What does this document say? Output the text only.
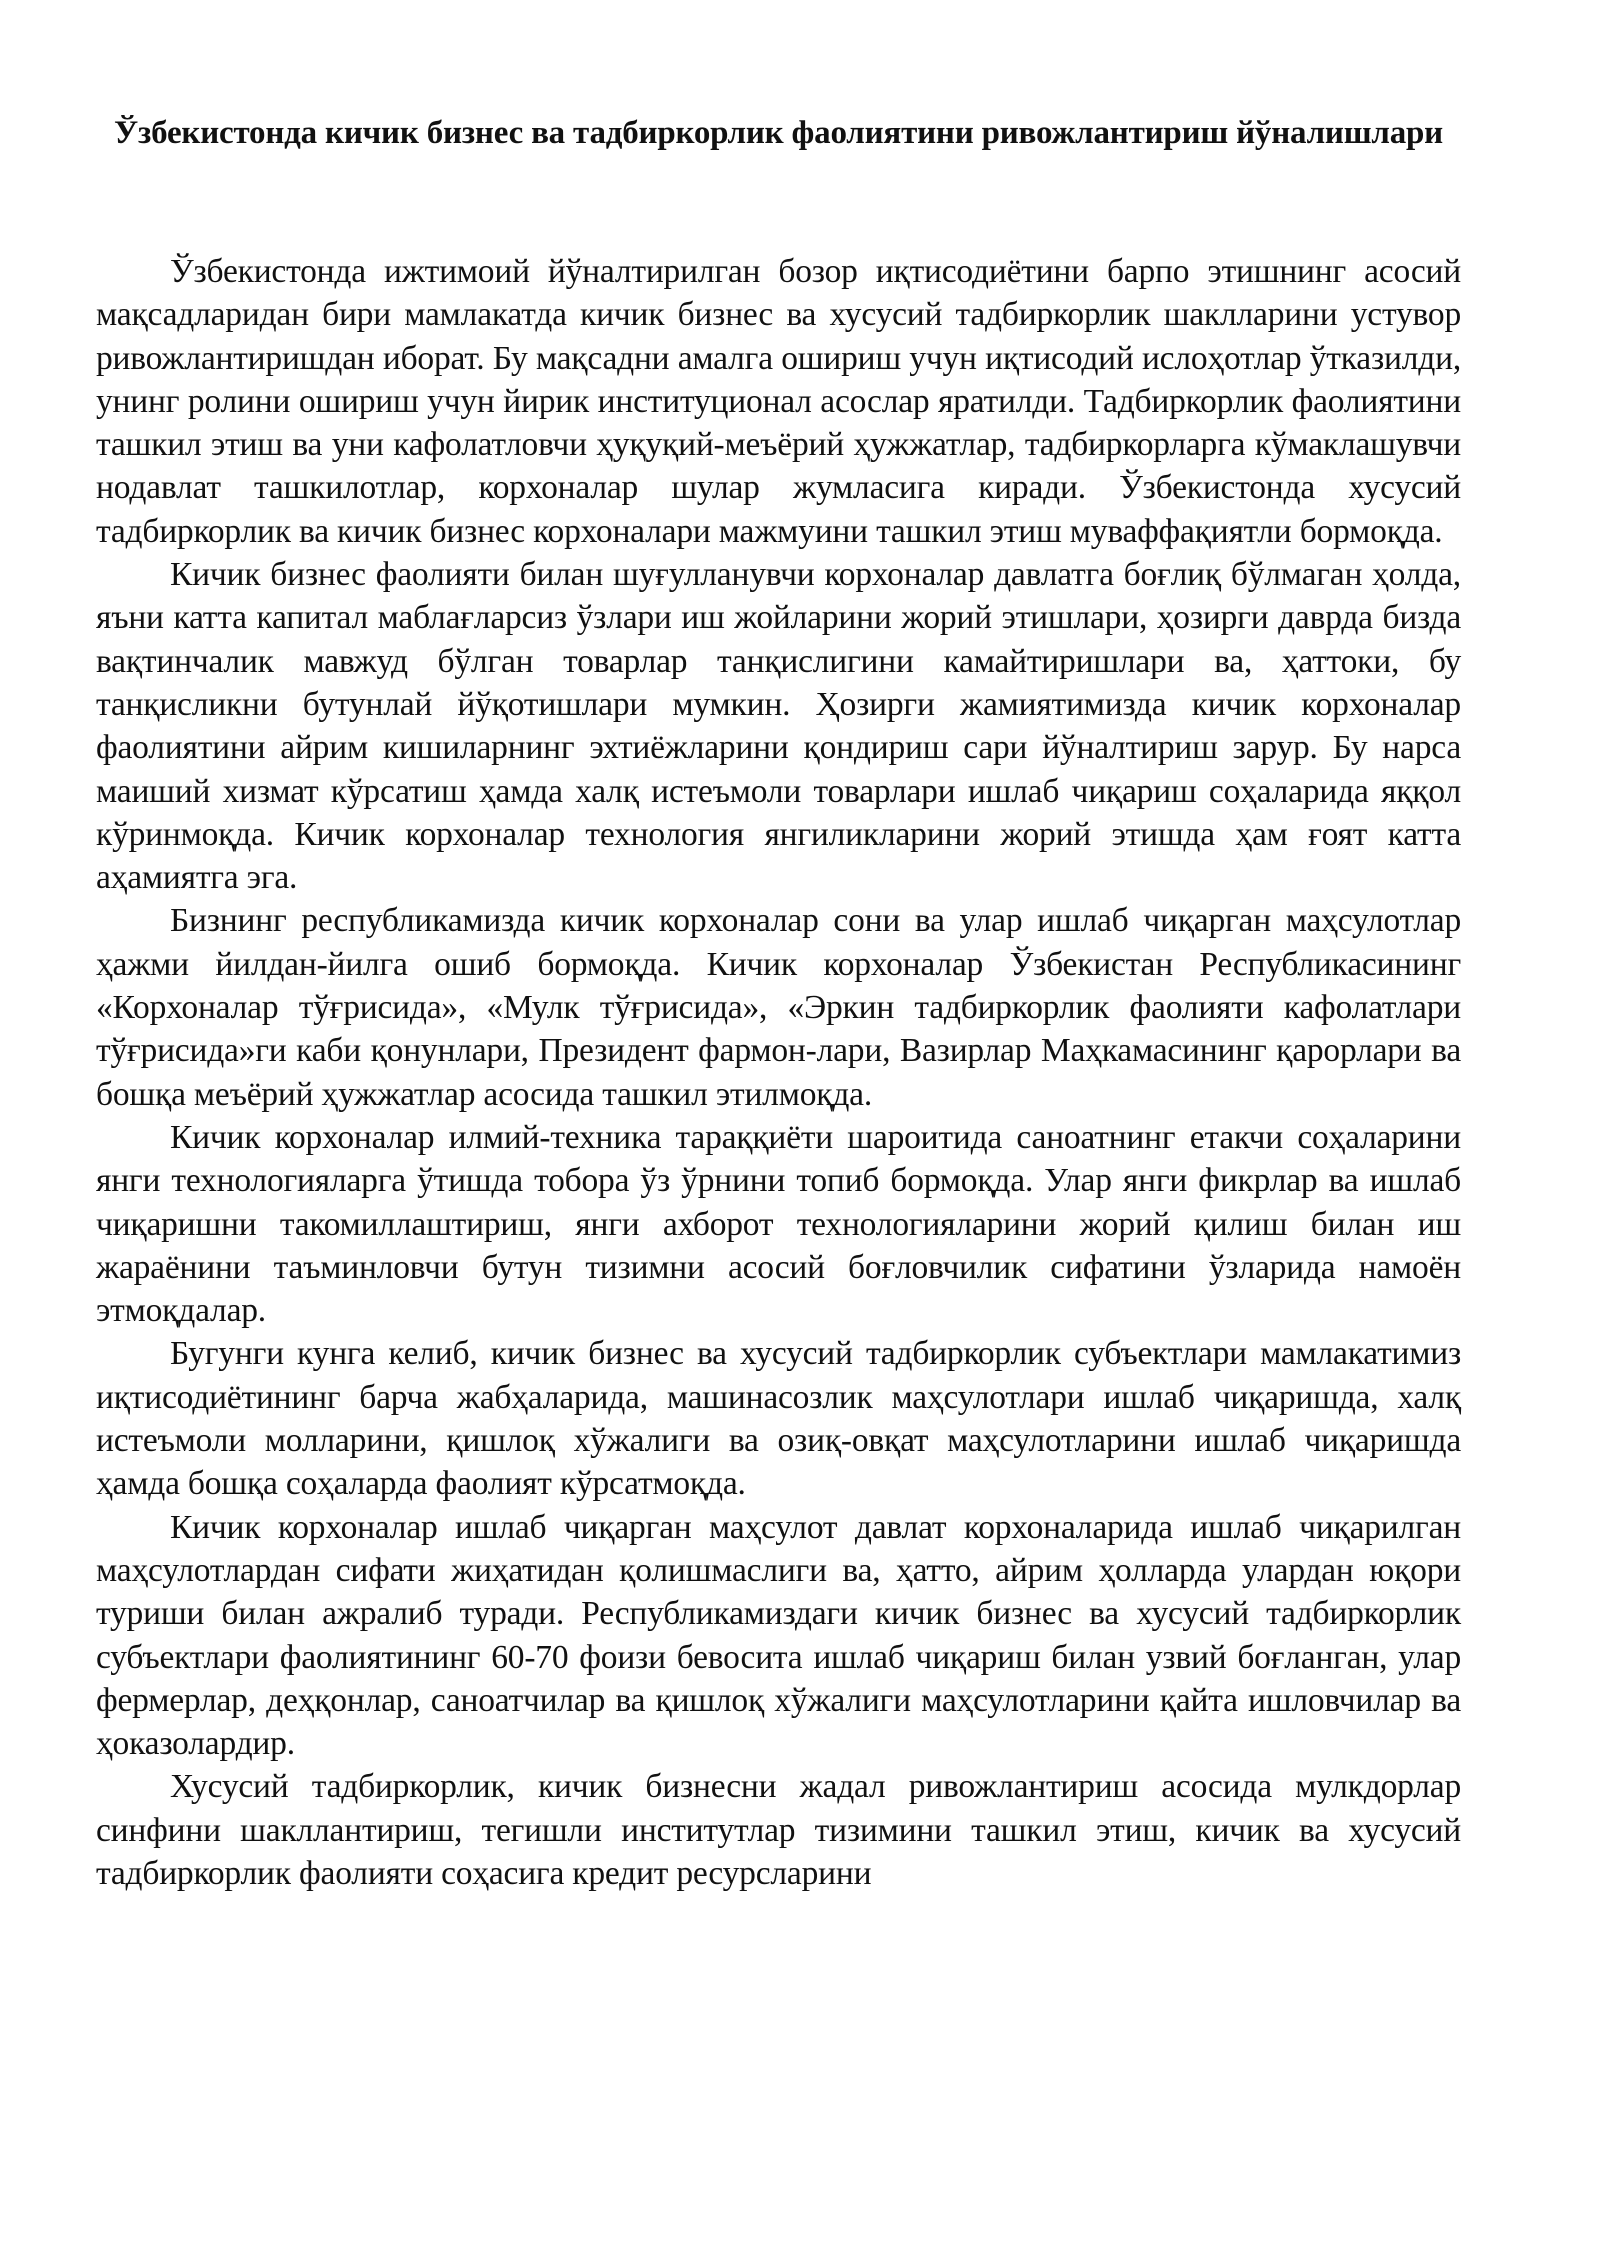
Ўзбекистонда кичик бизнес ва тадбиркорлик фаолиятини ривожлантириш йўналишлари

Ўзбекистонда ижтимоий йўналтирилган бозор иқтисодиётини барпо этишнинг асосий мақсадларидан бири мамлакатда кичик бизнес ва хусусий тадбиркорлик шаклларини устувор ривожлантиришдан иборат. Бу мақсадни амалга ошириш учун иқтисодий ислоҳотлар ўтказилди, унинг ролини ошириш учун йирик институционал асослар яратилди. Тадбиркорлик фаолиятини ташкил этиш ва уни кафолатловчи ҳуқуқий-меъёрий ҳужжатлар, тадбиркорларга кўмаклашувчи нодавлат ташкилотлар, корхоналар шулар жумласига киради. Ўзбекистонда хусусий тадбиркорлик ва кичик бизнес корхоналари мажмуини ташкил этиш муваффақиятли бормоқда.

Кичик бизнес фаолияти билан шуғулланувчи корхоналар давлатга боғлиқ бўлмаган ҳолда, яъни катта капитал маблағларсиз ўзлари иш жойларини жорий этишлари, ҳозирги даврда бизда вақтинчалик мавжуд бўлган товарлар танқислигини камайтиришлари ва, ҳаттоки, бу танқисликни бутунлай йўқотишлари мумкин. Ҳозирги жамиятимизда кичик корхоналар фаолиятини айрим кишиларнинг эхтиёжларини қондириш сари йўналтириш зарур. Бу нарса маиший хизмат кўрсатиш ҳамда халқ истеъмоли товарлари ишлаб чиқариш соҳаларида яққол кўринмоқда. Кичик корхоналар технология янгиликларини жорий этишда ҳам ғоят катта аҳамиятга эга.

Бизнинг республикамизда кичик корхоналар сони ва улар ишлаб чиқарган маҳсулотлар ҳажми йилдан-йилга ошиб бормоқда. Кичик корхоналар Ўзбекистан Республикасининг «Корхоналар тўғрисида», «Мулк тўғрисида», «Эркин тадбиркорлик фаолияти кафолатлари тўғрисида»ги каби қонунлари, Президент фармон-лари, Вазирлар Маҳкамасининг қарорлари ва бошқа меъёрий ҳужжатлар асосида ташкил этилмоқда.

Кичик корхоналар илмий-техника тараққиёти шароитида саноатнинг етакчи соҳаларини янги технологияларга ўтишда тобора ўз ўрнини топиб бормоқда. Улар янги фикрлар ва ишлаб чиқаришни такомиллаштириш, янги ахборот технологияларини жорий қилиш билан иш жараёнини таъминловчи бутун тизимни асосий боғловчилик сифатини ўзларида намоён этмоқдалар.

Бугунги кунга келиб, кичик бизнес ва хусусий тадбиркорлик субъектлари мамлакатимиз иқтисодиётининг барча жабҳаларида, машинасозлик маҳсулотлари ишлаб чиқаришда, халқ истеъмоли молларини, қишлоқ хўжалиги ва озиқ-овқат маҳсулотларини ишлаб чиқаришда ҳамда бошқа соҳаларда фаолият кўрсатмоқда.

Кичик корхоналар ишлаб чиқарган маҳсулот давлат корхоналарида ишлаб чиқарилган маҳсулотлардан сифати жиҳатидан қолишмаслиги ва, ҳатто, айрим ҳолларда улардан юқори туриши билан ажралиб туради. Республикамиздаги кичик бизнес ва хусусий тадбиркорлик субъектлари фаолиятининг 60-70 фоизи бевосита ишлаб чиқариш билан узвий боғланган, улар фермерлар, деҳқонлар, саноатчилар ва қишлоқ хўжалиги маҳсулотларини қайта ишловчилар ва ҳоказолардир.

Хусусий тадбиркорлик, кичик бизнесни жадал ривожлантириш асосида мулкдорлар синфини шакллантириш, тегишли институтлар тизимини ташкил этиш, кичик ва хусусий тадбиркорлик фаолияти соҳасига кредит ресурсларини
